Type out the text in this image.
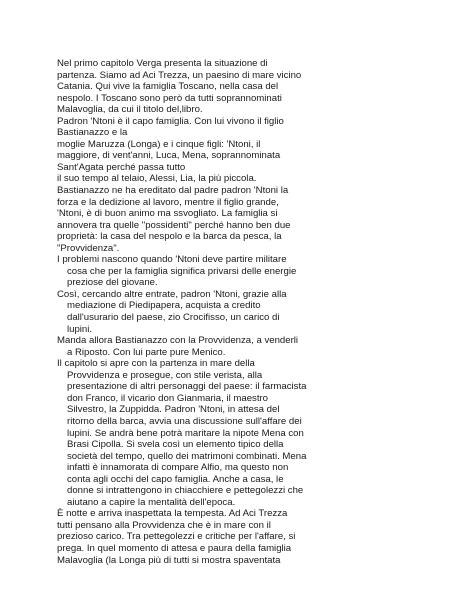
Nel primo capitolo Verga presenta la situazione di
partenza. Siamo ad Aci Trezza, un paesino di mare vicino
Catania. Qui vive la famiglia Toscano, nella casa del
nespolo. I Toscano sono però da tutti soprannominati
Malavoglia, da cui il titolo del,libro.
Padron 'Ntoni è il capo famiglia. Con lui vivono il figlio
Bastianazzo e la
moglie Maruzza (Longa) e i cinque figli: 'Ntoni, il
maggiore, di vent'anni, Luca, Mena, soprannominata
Sant'Agata perché passa tutto
il suo tempo al telaio, Alessi, Lia, la più piccola.
Bastianazzo ne ha ereditato dal padre padron 'Ntoni la
forza e la dedizione al lavoro, mentre il figlio grande,
'Ntoni, è di buon animo ma ssvogliato. La famiglia si
annovera tra quelle "possidenti" perché hanno ben due
proprietà: la casa del nespolo e la barca da pesca, la
"Provvidenza".
I problemi nascono quando 'Ntoni deve partire militare
cosa che per la famiglia significa privarsi delle energie
preziose del giovane.
Così, cercando altre entrate, padron 'Ntoni, grazie alla
mediazione di Piedipapera, acquista a credito
dall'usurario del paese, zio Crocifisso, un carico di
lupini.
Manda allora Bastianazzo con la Provvidenza, a venderli
a Riposto. Con lui parte pure Menico.
Il capitolo si apre con la partenza in mare della
Provvidenza e prosegue, con stile verista, alla
presentazione di altri personaggi del paese: il farmacista
don Franco, il vicario don Gianmaria, il maestro
Silvestro, la Zuppidda. Padron 'Ntoni, in attesa del
ritorno della barca, avvia una discussione sull'affare dei
lupini. Se andrà bene potrà maritare la nipote Mena con
Brasi Cipolla. Si svela così un elemento tipico della
società del tempo, quello dei matrimoni combinati. Mena
infatti è innamorata di compare Alfio, ma questo non
conta agli occhi del capo famiglia. Anche a casa, le
donne si intrattengono in chiacchiere e pettegolezzi che
aiutano a capire la mentalità dell'epoca.
È notte e arriva inaspettata la tempesta. Ad Aci Trezza
tutti pensano alla Provvidenza che è in mare con il
prezioso carico. Tra pettegolezzi e critiche per l'affare, si
prega. In quel momento di attesa e paura della famiglia
Malavoglia (la Longa più di tutti si mostra spaventata
